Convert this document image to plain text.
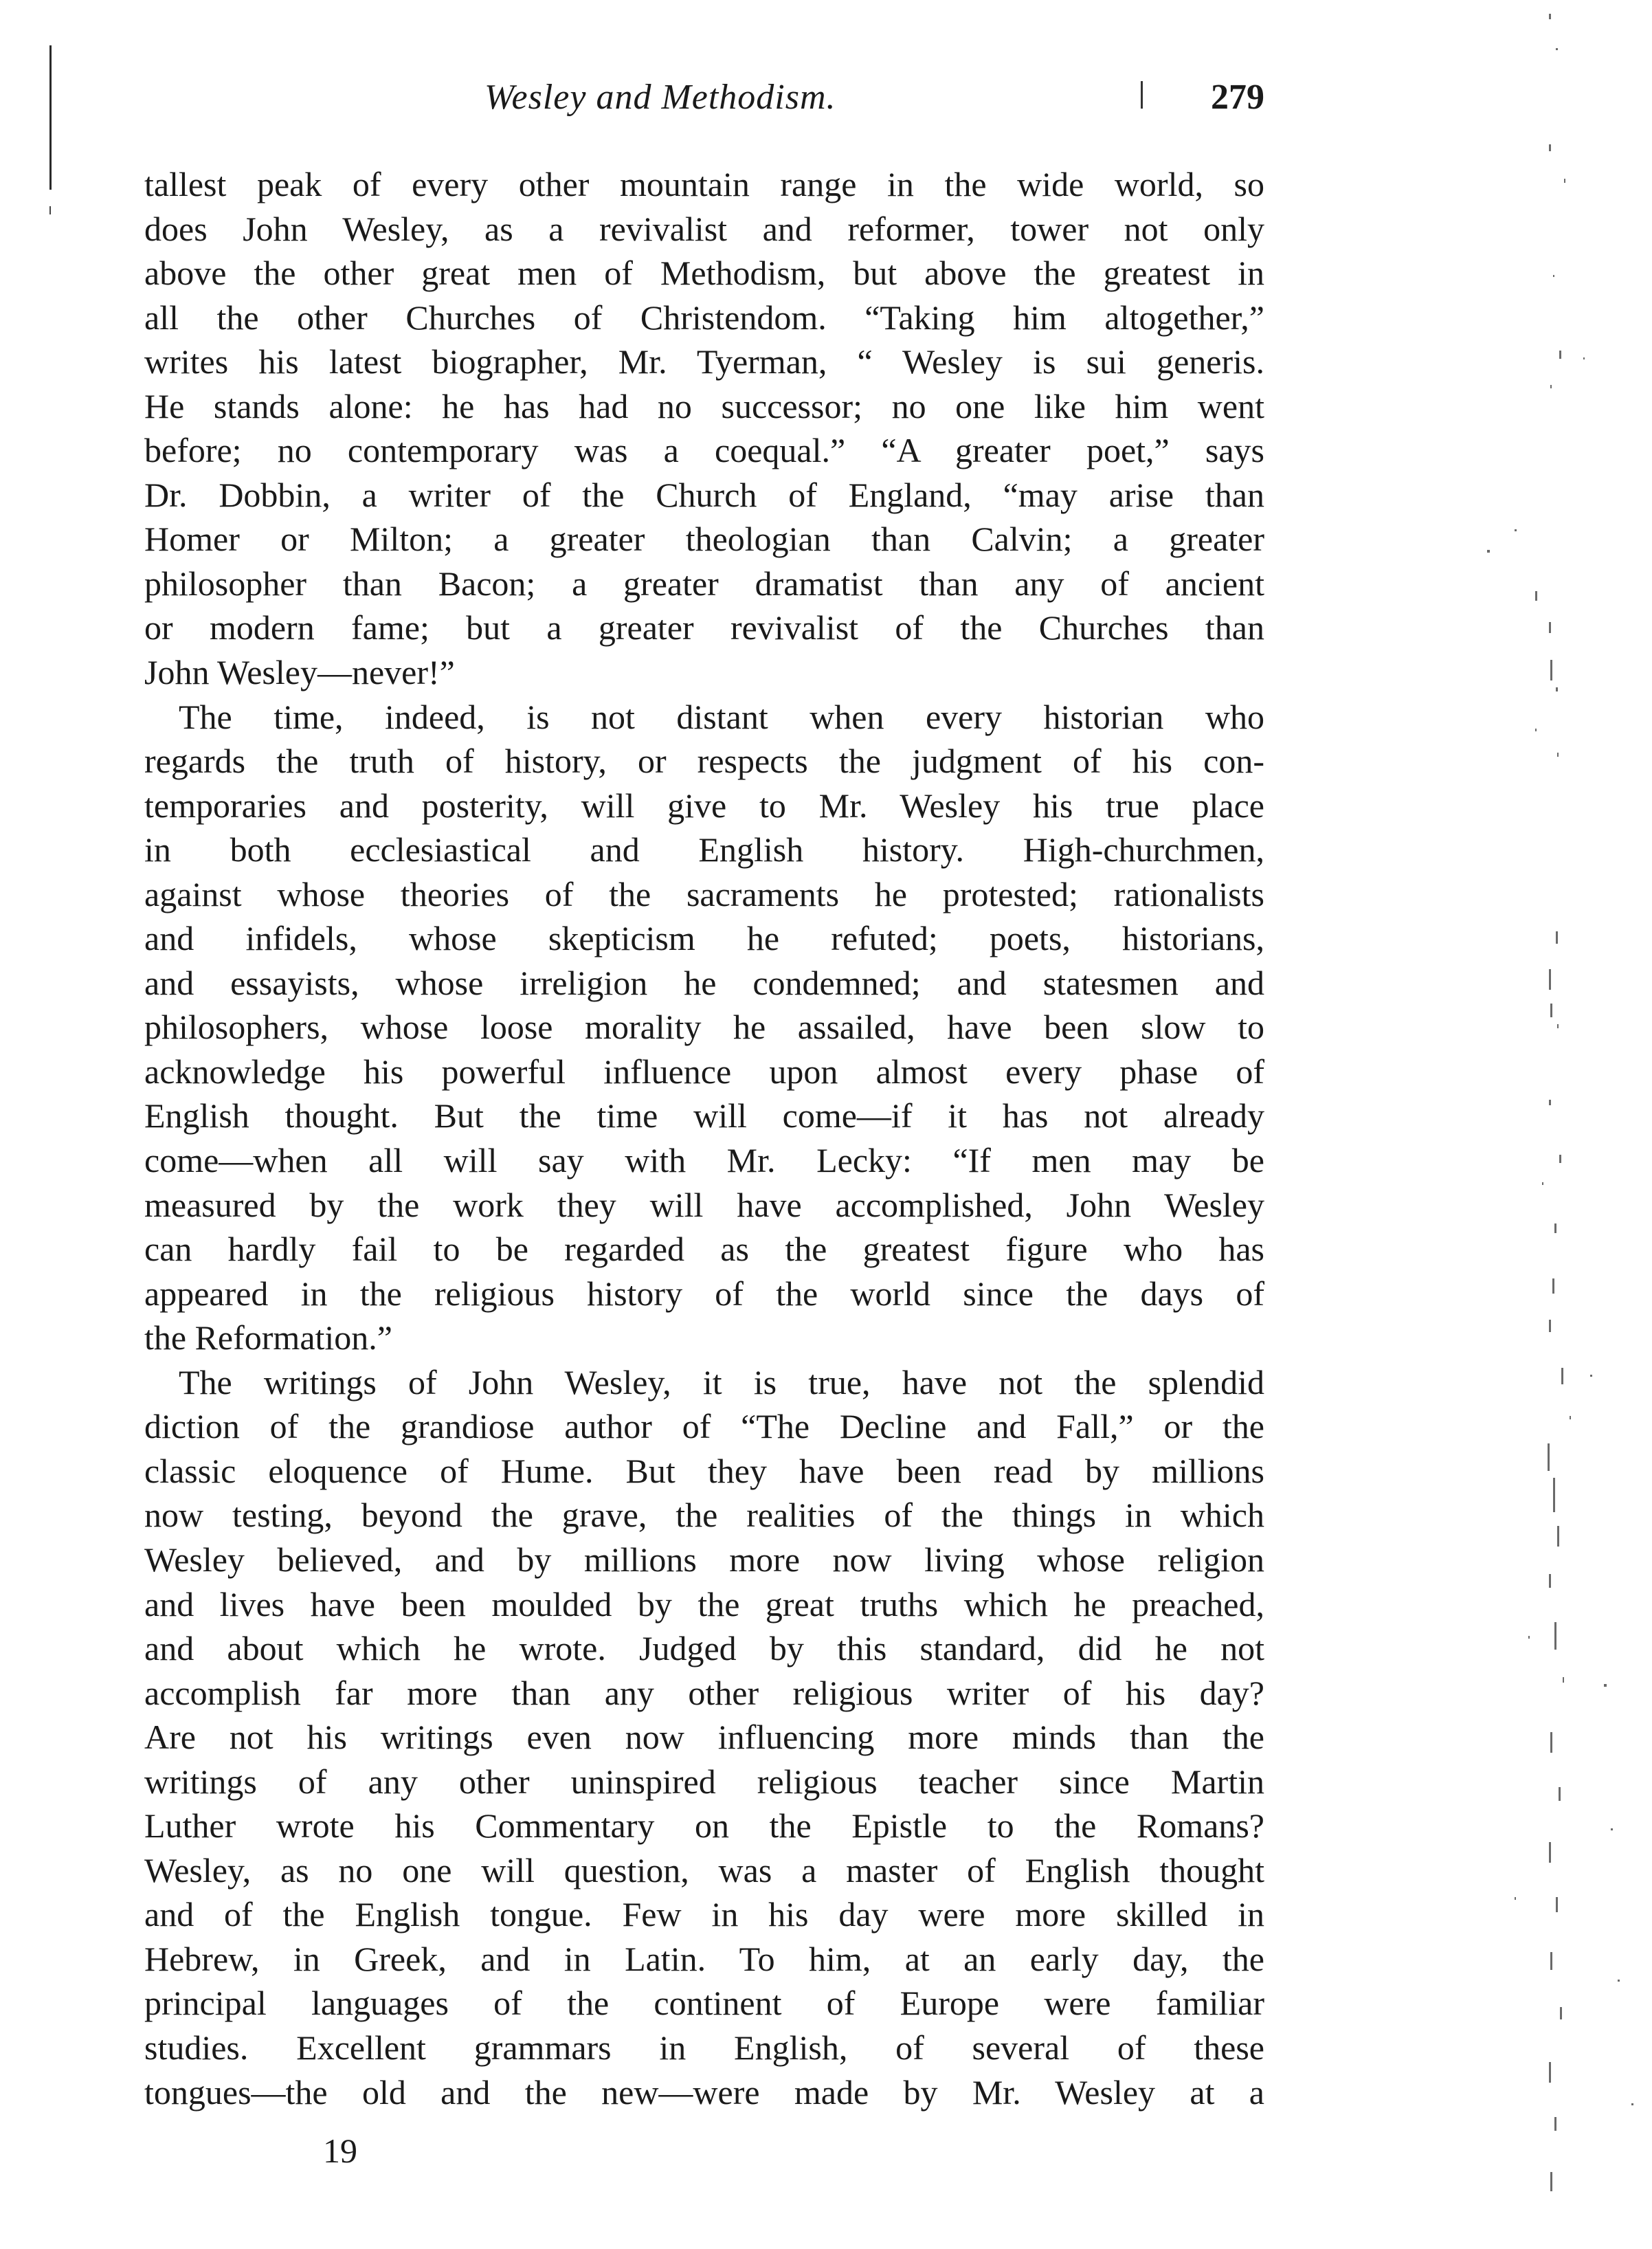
Wesley and Methodism.	279
tallest peak of every other mountain range in the wide world, so
does John Wesley, as a revivalist and reformer, tower not only
above the other great men of Methodism, but above the greatest in
all the other Churches of Christendom. “Taking him altogether,”
writes his latest biographer, Mr. Tyerman, “ Wesley is sui generis.
He stands alone: he has had no successor; no one like him went
before; no contemporary was a coequal.” “A greater poet,” says
Dr. Dobbin, a writer of the Church of England, “may arise than
Homer or Milton; a greater theologian than Calvin; a greater
philosopher than Bacon; a greater dramatist than any of ancient
or modern fame; but a greater revivalist of the Churches than
John Wesley—never!”
The time, indeed, is not distant when every historian who
regards the truth of history, or respects the judgment of his con-
temporaries and posterity, will give to Mr. Wesley his true place
in both ecclesiastical and English history. High-churchmen,
against whose theories of the sacraments he protested; rationalists
and infidels, whose skepticism he refuted; poets, historians,
and essayists, whose irreligion he condemned; and statesmen and
philosophers, whose loose morality he assailed, have been slow to
acknowledge his powerful influence upon almost every phase of
English thought. But the time will come—if it has not already
come—when all will say with Mr. Lecky: “If men may be
measured by the work they will have accomplished, John Wesley
can hardly fail to be regarded as the greatest figure who has
appeared in the religious history of the world since the days of
the Reformation.”
The writings of John Wesley, it is true, have not the splendid
diction of the grandiose author of “The Decline and Fall,” or the
classic eloquence of Hume. But they have been read by millions
now testing, beyond the grave, the realities of the things in which
Wesley believed, and by millions more now living whose religion
and lives have been moulded by the great truths which he preached,
and about which he wrote. Judged by this standard, did he not
accomplish far more than any other religious writer of his day?
Are not his writings even now influencing more minds than the
writings of any other uninspired religious teacher since Martin
Luther wrote his Commentary on the Epistle to the Romans?
Wesley, as no one will question, was a master of English thought
and of the English tongue. Few in his day were more skilled in
Hebrew, in Greek, and in Latin. To him, at an early day, the
principal languages of the continent of Europe were familiar
studies. Excellent grammars in English, of several of these
tongues—the old and the new—were made by Mr. Wesley at a
19
